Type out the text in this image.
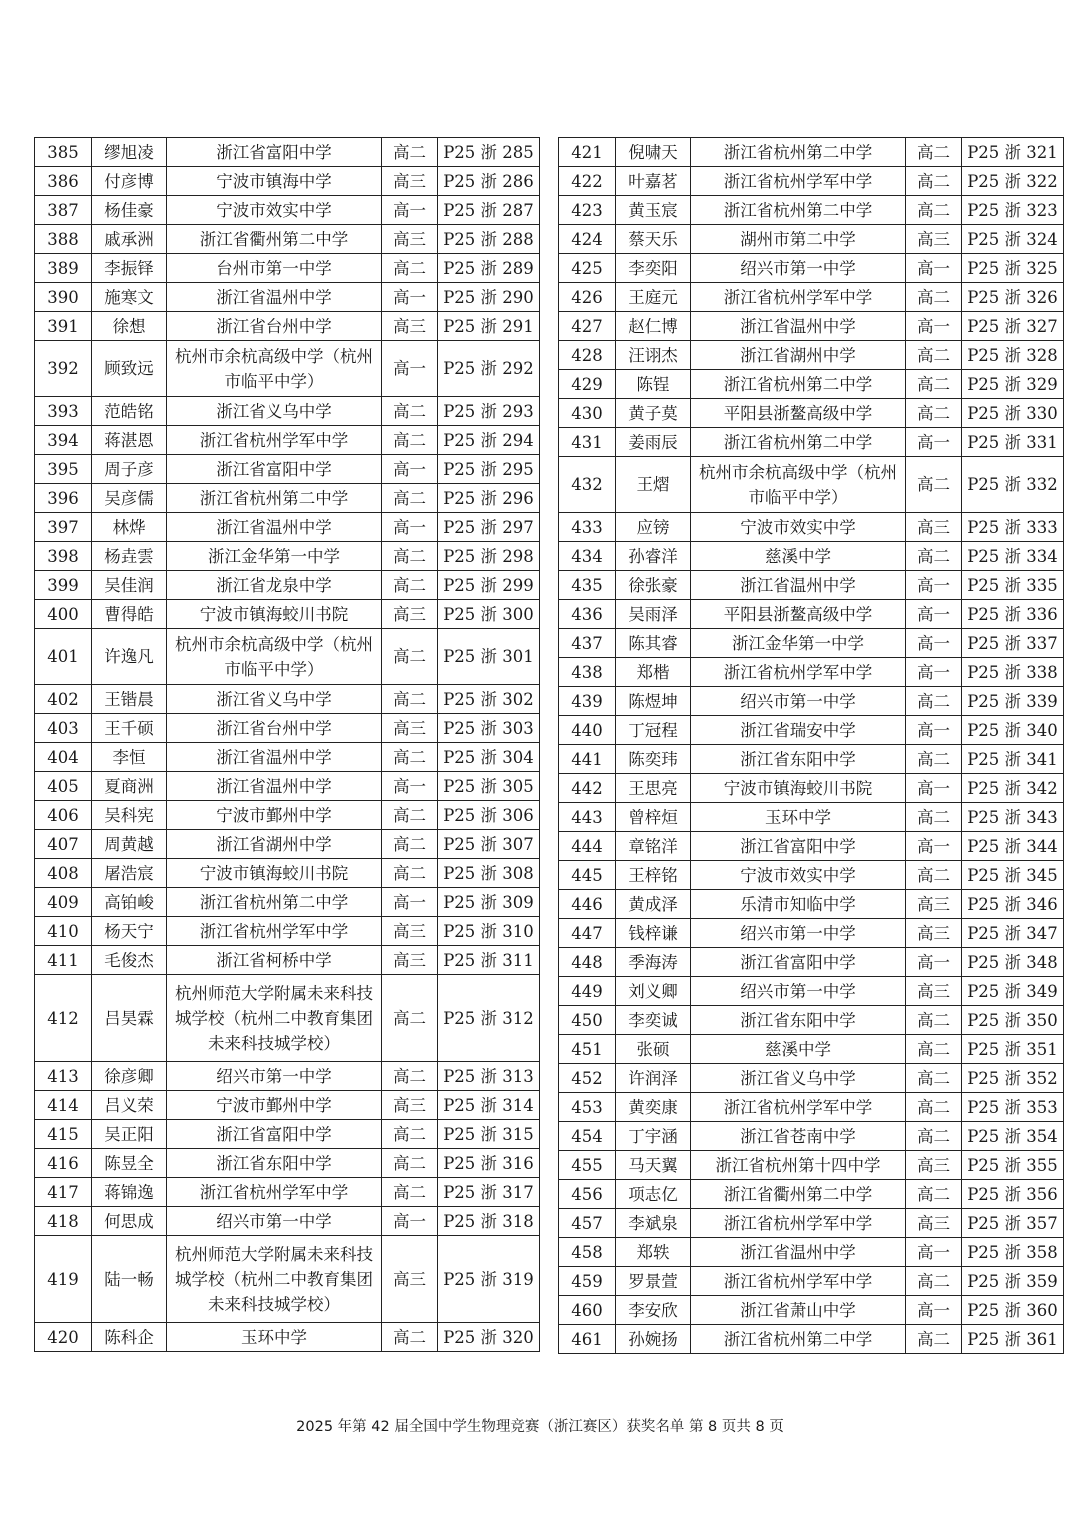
385	缪旭凌	浙江省富阳中学	高二	P25 浙 285
386	付彦博	宁波市镇海中学	高三	P25 浙 286
387	杨佳豪	宁波市效实中学	高一	P25 浙 287
388	戚承洲	浙江省衢州第二中学	高三	P25 浙 288
389	李振铎	台州市第一中学	高二	P25 浙 289
390	施寒文	浙江省温州中学	高一	P25 浙 290
391	徐想	浙江省台州中学	高三	P25 浙 291
392	顾致远	杭州市余杭高级中学（杭州市临平中学）	高一	P25 浙 292
393	范皓铭	浙江省义乌中学	高二	P25 浙 293
394	蒋湛恩	浙江省杭州学军中学	高二	P25 浙 294
395	周子彦	浙江省富阳中学	高一	P25 浙 295
396	吴彦儒	浙江省杭州第二中学	高二	P25 浙 296
397	林烨	浙江省温州中学	高一	P25 浙 297
398	杨垚雲	浙江金华第一中学	高二	P25 浙 298
399	吴佳润	浙江省龙泉中学	高二	P25 浙 299
400	曹得皓	宁波市镇海蛟川书院	高三	P25 浙 300
401	许逸凡	杭州市余杭高级中学（杭州市临平中学）	高二	P25 浙 301
402	王锴晨	浙江省义乌中学	高二	P25 浙 302
403	王千硕	浙江省台州中学	高三	P25 浙 303
404	李恒	浙江省温州中学	高二	P25 浙 304
405	夏商洲	浙江省温州中学	高一	P25 浙 305
406	吴科宪	宁波市鄞州中学	高二	P25 浙 306
407	周黄越	浙江省湖州中学	高二	P25 浙 307
408	屠浩宸	宁波市镇海蛟川书院	高二	P25 浙 308
409	高铂峻	浙江省杭州第二中学	高一	P25 浙 309
410	杨天宁	浙江省杭州学军中学	高三	P25 浙 310
411	毛俊杰	浙江省柯桥中学	高三	P25 浙 311
412	吕昊霖	杭州师范大学附属未来科技城学校（杭州二中教育集团未来科技城学校）	高二	P25 浙 312
413	徐彦卿	绍兴市第一中学	高二	P25 浙 313
414	吕义荣	宁波市鄞州中学	高三	P25 浙 314
415	吴正阳	浙江省富阳中学	高二	P25 浙 315
416	陈昱全	浙江省东阳中学	高二	P25 浙 316
417	蒋锦逸	浙江省杭州学军中学	高二	P25 浙 317
418	何思成	绍兴市第一中学	高一	P25 浙 318
419	陆一畅	杭州师范大学附属未来科技城学校（杭州二中教育集团未来科技城学校）	高三	P25 浙 319
420	陈科企	玉环中学	高二	P25 浙 320
421	倪啸天	浙江省杭州第二中学	高二	P25 浙 321
422	叶嘉茗	浙江省杭州学军中学	高二	P25 浙 322
423	黄玉宸	浙江省杭州第二中学	高二	P25 浙 323
424	蔡天乐	湖州市第二中学	高三	P25 浙 324
425	李奕阳	绍兴市第一中学	高一	P25 浙 325
426	王庭元	浙江省杭州学军中学	高二	P25 浙 326
427	赵仁博	浙江省温州中学	高一	P25 浙 327
428	汪诩杰	浙江省湖州中学	高二	P25 浙 328
429	陈锃	浙江省杭州第二中学	高二	P25 浙 329
430	黄子莫	平阳县浙鳌高级中学	高二	P25 浙 330
431	姜雨辰	浙江省杭州第二中学	高一	P25 浙 331
432	王熠	杭州市余杭高级中学（杭州市临平中学）	高二	P25 浙 332
433	应镑	宁波市效实中学	高三	P25 浙 333
434	孙睿洋	慈溪中学	高二	P25 浙 334
435	徐张豪	浙江省温州中学	高一	P25 浙 335
436	吴雨泽	平阳县浙鳌高级中学	高一	P25 浙 336
437	陈其睿	浙江金华第一中学	高一	P25 浙 337
438	郑楷	浙江省杭州学军中学	高一	P25 浙 338
439	陈煜坤	绍兴市第一中学	高二	P25 浙 339
440	丁冠程	浙江省瑞安中学	高一	P25 浙 340
441	陈奕玮	浙江省东阳中学	高二	P25 浙 341
442	王思亮	宁波市镇海蛟川书院	高一	P25 浙 342
443	曾梓烜	玉环中学	高二	P25 浙 343
444	章铭洋	浙江省富阳中学	高一	P25 浙 344
445	王梓铭	宁波市效实中学	高二	P25 浙 345
446	黄成泽	乐清市知临中学	高三	P25 浙 346
447	钱梓谦	绍兴市第一中学	高三	P25 浙 347
448	季海涛	浙江省富阳中学	高一	P25 浙 348
449	刘义卿	绍兴市第一中学	高三	P25 浙 349
450	李奕诚	浙江省东阳中学	高二	P25 浙 350
451	张硕	慈溪中学	高二	P25 浙 351
452	许润泽	浙江省义乌中学	高二	P25 浙 352
453	黄奕康	浙江省杭州学军中学	高二	P25 浙 353
454	丁宇涵	浙江省苍南中学	高二	P25 浙 354
455	马天翼	浙江省杭州第十四中学	高三	P25 浙 355
456	项志亿	浙江省衢州第二中学	高二	P25 浙 356
457	李斌泉	浙江省杭州学军中学	高三	P25 浙 357
458	郑轶	浙江省温州中学	高一	P25 浙 358
459	罗景萱	浙江省杭州学军中学	高二	P25 浙 359
460	李安欣	浙江省萧山中学	高一	P25 浙 360
461	孙婉扬	浙江省杭州第二中学	高二	P25 浙 361
2025 年第 42 届全国中学生物理竞赛（浙江赛区）获奖名单 第 8 页共 8 页
